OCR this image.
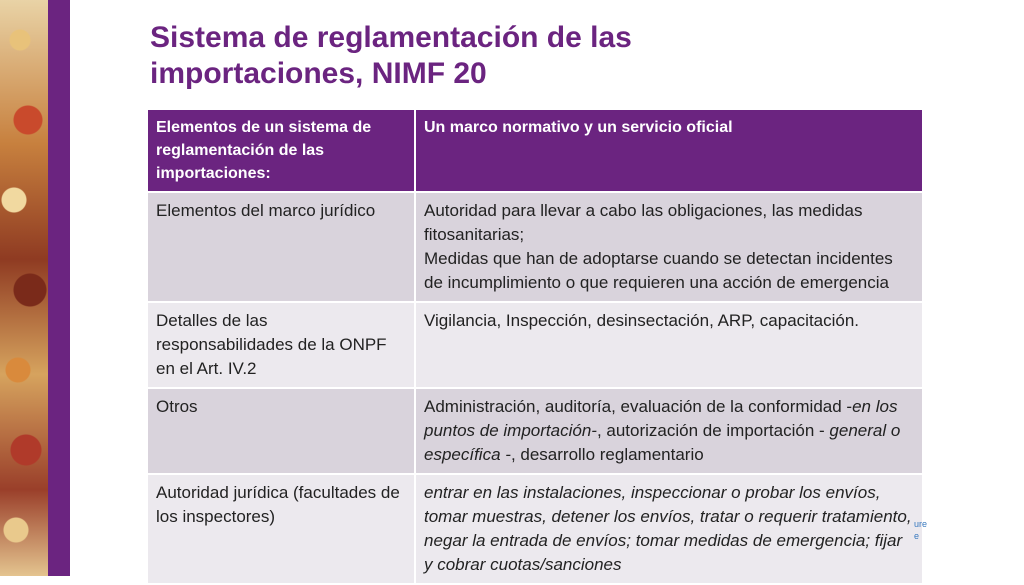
Sistema de reglamentación de las
importaciones, NIMF 20
Elementos de un sistema de reglamentación de las importaciones:	Un marco normativo y un servicio oficial
Elementos del marco jurídico	Autoridad para llevar a cabo las obligaciones, las medidas fitosanitarias;
Medidas que han de adoptarse cuando se detectan incidentes de incumplimiento o que requieren una acción de emergencia

Detalles de las responsabilidades de la ONPF en el Art. IV.2	Vigilancia, Inspección, desinsectación, ARP, capacitación.
Otros	Administración, auditoría, evaluación de la conformidad -en los puntos de importación-, autorización de importación - general o específica -, desarrollo reglamentario
Autoridad jurídica (facultades de los inspectores)	entrar en las instalaciones, inspeccionar o probar los envíos, tomar muestras, detener los envíos, tratar o requerir tratamiento, negar la entrada de envíos; tomar medidas de emergencia; fijar y cobrar cuotas/sanciones
ure
e
